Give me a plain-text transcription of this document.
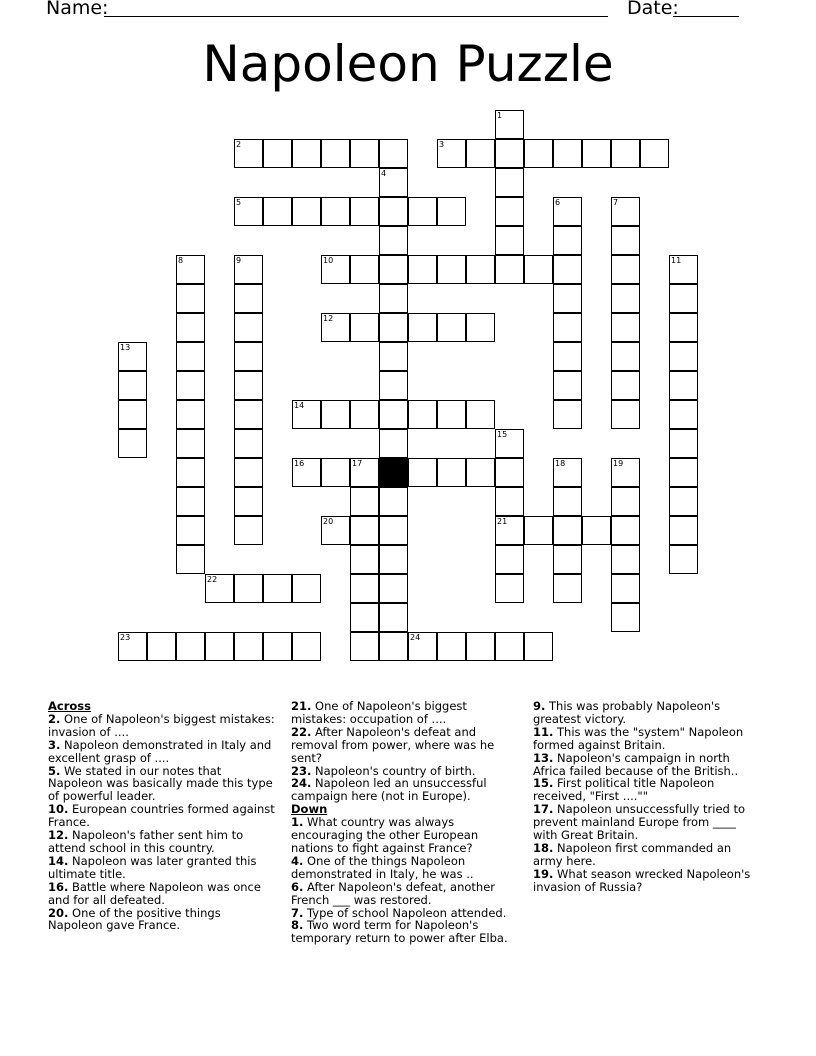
Name:	Date:
Napoleon Puzzle
1
2	3
4
5	6	7
8	9	10	11
12
13
14
15
16	17	18	19
20	21
22
23	24
Across
2. One of Napoleon's biggest mistakes: invasion of ....
3. Napoleon demonstrated in Italy and excellent grasp of ....
5. We stated in our notes that Napoleon was basically made this type of powerful leader.
10. European countries formed against France.
12. Napoleon's father sent him to attend school in this country.
14. Napoleon was later granted this ultimate title.
16. Battle where Napoleon was once and for all defeated.
20. One of the positive things Napoleon gave France.
21. One of Napoleon's biggest mistakes: occupation of ....
22. After Napoleon's defeat and removal from power, where was he sent?
23. Napoleon's country of birth.
24. Napoleon led an unsuccessful campaign here (not in Europe).
Down
1. What country was always encouraging the other European nations to fight against France?
4. One of the things Napoleon demonstrated in Italy, he was ..
6. After Napoleon's defeat, another French ___ was restored.
7. Type of school Napoleon attended.
8. Two word term for Napoleon's temporary return to power after Elba.
9. This was probably Napoleon's greatest victory.
11. This was the "system" Napoleon formed against Britain.
13. Napoleon's campaign in north Africa failed because of the British..
15. First political title Napoleon received, "First ....""
17. Napoleon unsuccessfully tried to prevent mainland Europe from ____ with Great Britain.
18. Napoleon first commanded an army here.
19. What season wrecked Napoleon's invasion of Russia?
